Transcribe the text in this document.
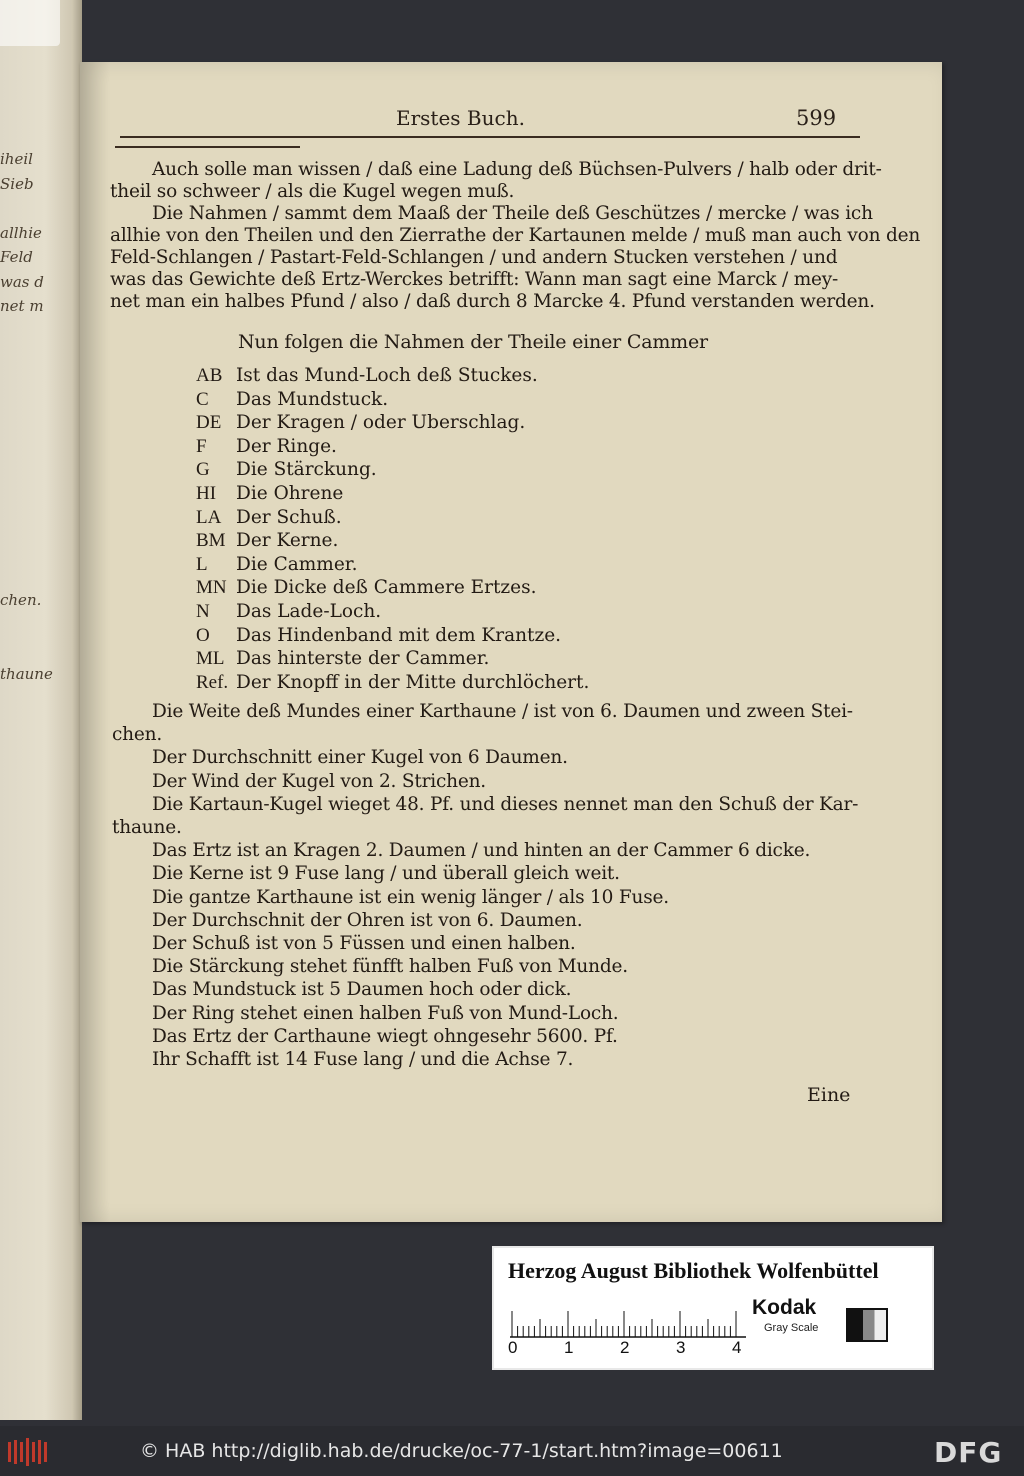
iheil
Sieb
allhie
Feld
was d
net m
chen.
thaune
Erstes Buch.	599
Auch solle man wissen / daß eine Ladung deß Büchsen-Pulvers / halb oder drit-
theil so schweer / als die Kugel wegen muß.
Die Nahmen / sammt dem Maaß der Theile deß Geschützes / mercke / was ich
allhie von den Theilen und den Zierrathe der Kartaunen melde / muß man auch von den
Feld-Schlangen / Pastart-Feld-Schlangen / und andern Stucken verstehen / und
was das Gewichte deß Ertz-Werckes betrifft: Wann man sagt eine Marck / mey-
net man ein halbes Pfund / also / daß durch 8 Marcke 4. Pfund verstanden werden.
Nun folgen die Nahmen der Theile einer Cammer
AB Ist das Mund-Loch deß Stuckes.
C Das Mundstuck.
DE Der Kragen / oder Uberschlag.
F Der Ringe.
G Die Stärckung.
HI Die Ohrene
LA Der Schuß.
BM Der Kerne.
L Die Cammer.
MN Die Dicke deß Cammere Ertzes.
N Das Lade-Loch.
O Das Hindenband mit dem Krantze.
ML Das hinterste der Cammer.
Ref. Der Knopff in der Mitte durchlöchert.
Die Weite deß Mundes einer Karthaune / ist von 6. Daumen und zween Stei-
chen.
Der Durchschnitt einer Kugel von 6 Daumen.
Der Wind der Kugel von 2. Strichen.
Die Kartaun-Kugel wieget 48. Pf. und dieses nennet man den Schuß der Kar-
thaune.
Das Ertz ist an Kragen 2. Daumen / und hinten an der Cammer 6 dicke.
Die Kerne ist 9 Fuse lang / und überall gleich weit.
Die gantze Karthaune ist ein wenig länger / als 10 Fuse.
Der Durchschnit der Ohren ist von 6. Daumen.
Der Schuß ist von 5 Füssen und einen halben.
Die Stärckung stehet fünfft halben Fuß von Munde.
Das Mundstuck ist 5 Daumen hoch oder dick.
Der Ring stehet einen halben Fuß von Mund-Loch.
Das Ertz der Carthaune wiegt ohngesehr 5600. Pf.
Ihr Schafft ist 14 Fuse lang / und die Achse 7.
Eine
Herzog August Bibliothek Wolfenbüttel
0	1	2	3	4
Kodak
Gray Scale
© HAB http://diglib.hab.de/drucke/oc-77-1/start.htm?image=00611	DFG
